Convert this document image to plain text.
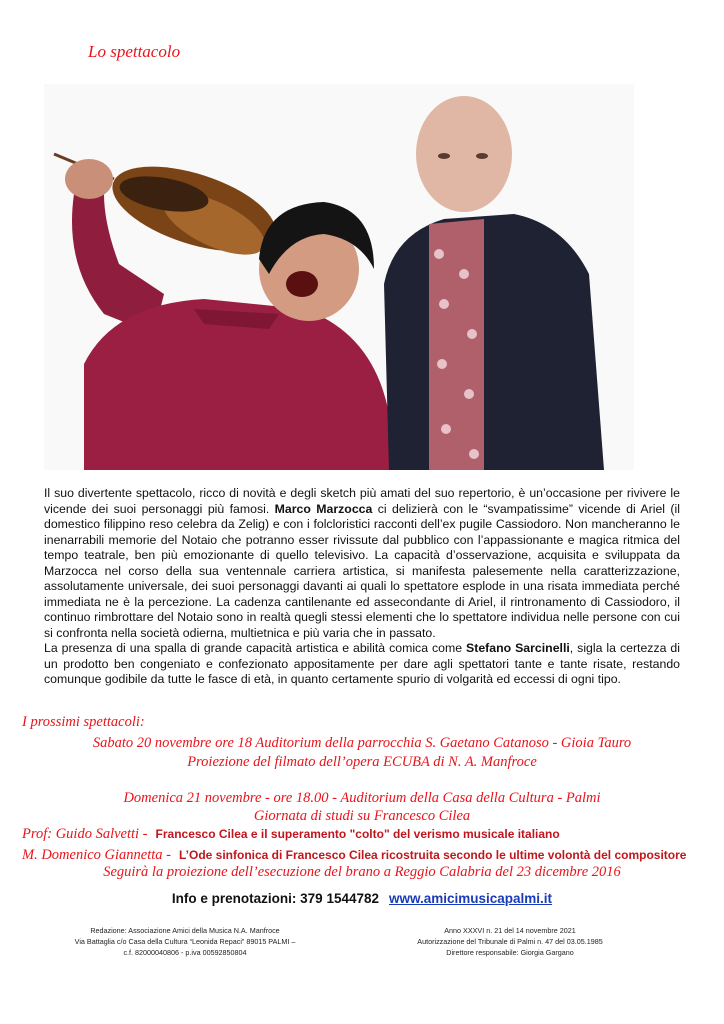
Lo spettacolo

Il suo divertente spettacolo, ricco di novità e degli sketch più amati del suo repertorio, è un’occasione per rivivere le vicende dei suoi personaggi più famosi. Marco Marzocca ci delizierà con le “svampatissime” vicende di Ariel (il domestico filippino reso celebra da Zelig) e con i folcloristici racconti dell’ex pugile Cassiodoro. Non mancheranno le inenarrabili memorie del Notaio che potranno esser rivissute dal pubblico con l’appassionante e magica ritmica del tempo teatrale, ben più emozionante di quello televisivo. La capacità d’osservazione, acquisita e sviluppata da Marzocca nel corso della sua ventennale carriera artistica, si manifesta palesemente nella caratterizzazione, assolutamente universale, dei suoi personaggi davanti ai quali lo spettatore esplode in una risata immediata perché immediata ne è la percezione. La cadenza cantilenante ed assecondante di Ariel, il rintronamento di Cassiodoro, il continuo rimbrottare del Notaio sono in realtà quegli stessi elementi che lo spettatore individua nelle persone con cui si confronta nella società odierna, multietnica e più varia che in passato.

La presenza di una spalla di grande capacità artistica e abilità comica come Stefano Sarcinelli, sigla la certezza di un prodotto ben congeniato e confezionato appositamente per dare agli spettatori tante e tante risate, restando comunque godibile da tutte le fasce di età, in quanto certamente spurio di volgarità ed eccessi di ogni tipo.

I prossimi spettacoli:
Sabato 20 novembre ore 18 Auditorium della parrocchia S. Gaetano Catanoso - Gioia Tauro
Proiezione del filmato dell’opera ECUBA di N. A. Manfroce
Domenica 21 novembre - ore 18.00 - Auditorium della Casa della Cultura - Palmi
Giornata di studi su Francesco Cilea
Prof: Guido Salvetti - Francesco Cilea e il superamento "colto" del verismo musicale italiano
M. Domenico Giannetta - L’Ode sinfonica di Francesco Cilea ricostruita secondo le ultime volontà del compositore
Seguirà la proiezione dell’esecuzione del brano a Reggio Calabria del 23 dicembre 2016
Info e prenotazioni: 379 1544782 www.amicimusicapalmi.it
Redazione: Associazione Amici della Musica N.A. Manfroce
Via Battaglia c/o Casa della Cultura “Leonida Repaci” 89015 PALMI –
c.f. 82000040806 - p.iva 00592850804
Anno XXXVI n. 21 del 14 novembre 2021
Autorizzazione del Tribunale di Palmi n. 47 del 03.05.1985
Direttore responsabile: Giorgia Gargano
